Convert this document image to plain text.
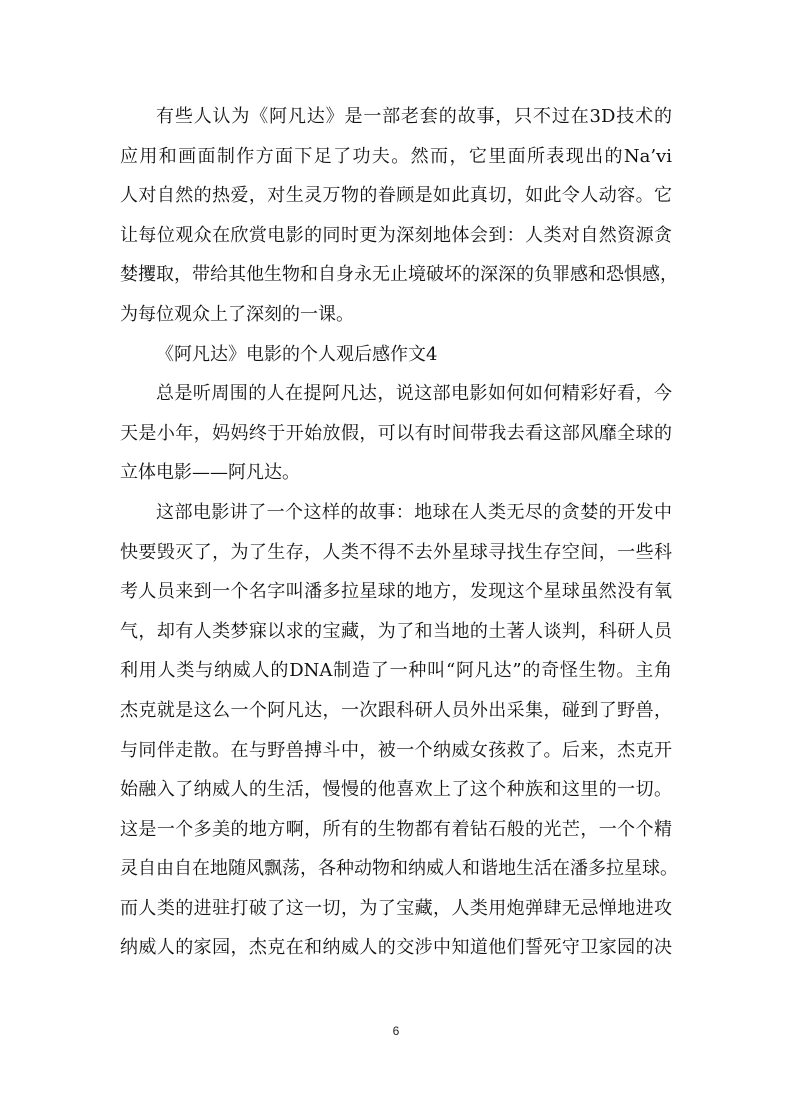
有些人认为《阿凡达》是一部老套的故事，只不过在3D技术的
应用和画面制作方面下足了功夫。然而，它里面所表现出的Na’vi
人对自然的热爱，对生灵万物的眷顾是如此真切，如此令人动容。它
让每位观众在欣赏电影的同时更为深刻地体会到：人类对自然资源贪
婪攫取，带给其他生物和自身永无止境破坏的深深的负罪感和恐惧感，
为每位观众上了深刻的一课。
《阿凡达》电影的个人观后感作文4
总是听周围的人在提阿凡达，说这部电影如何如何精彩好看，今
天是小年，妈妈终于开始放假，可以有时间带我去看这部风靡全球的
立体电影——阿凡达。
这部电影讲了一个这样的故事：地球在人类无尽的贪婪的开发中
快要毁灭了，为了生存，人类不得不去外星球寻找生存空间，一些科
考人员来到一个名字叫潘多拉星球的地方，发现这个星球虽然没有氧
气，却有人类梦寐以求的宝藏，为了和当地的土著人谈判，科研人员
利用人类与纳威人的DNA制造了一种叫“阿凡达”的奇怪生物。主角
杰克就是这么一个阿凡达，一次跟科研人员外出采集，碰到了野兽，
与同伴走散。在与野兽搏斗中，被一个纳威女孩救了。后来，杰克开
始融入了纳威人的生活，慢慢的他喜欢上了这个种族和这里的一切。
这是一个多美的地方啊，所有的生物都有着钻石般的光芒，一个个精
灵自由自在地随风飘荡，各种动物和纳威人和谐地生活在潘多拉星球。
而人类的进驻打破了这一切，为了宝藏，人类用炮弹肆无忌惮地进攻
纳威人的家园，杰克在和纳威人的交涉中知道他们誓死守卫家园的决
6
